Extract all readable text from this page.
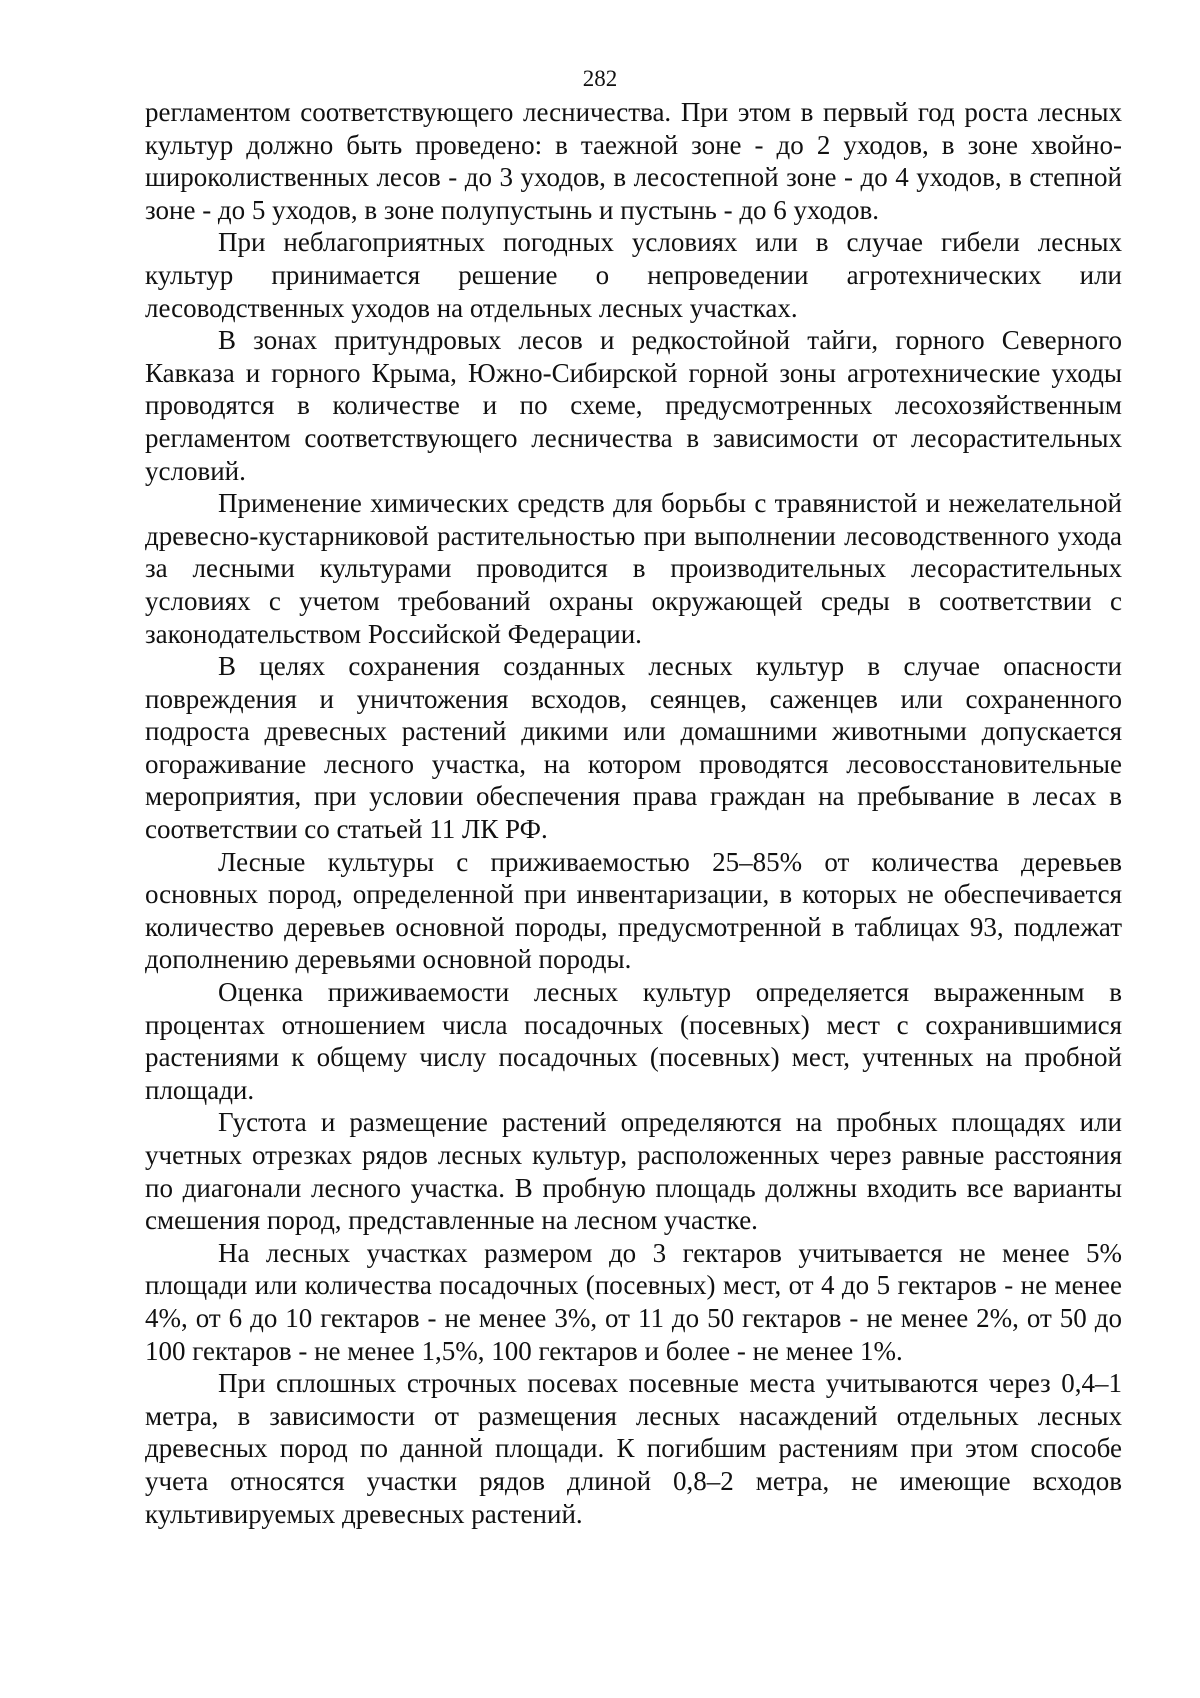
282

регламентом соответствующего лесничества. При этом в первый год роста лесных культур должно быть проведено: в таежной зоне - до 2 уходов, в зоне хвойно-широколиственных лесов - до 3 уходов, в лесостепной зоне - до 4 уходов, в степной зоне - до 5 уходов, в зоне полупустынь и пустынь - до 6 уходов.

При неблагоприятных погодных условиях или в случае гибели лесных культур принимается решение о непроведении агротехнических или лесоводственных уходов на отдельных лесных участках.

В зонах притундровых лесов и редкостойной тайги, горного Северного Кавказа и горного Крыма, Южно-Сибирской горной зоны агротехнические уходы проводятся в количестве и по схеме, предусмотренных лесохозяйственным регламентом соответствующего лесничества в зависимости от лесорастительных условий.

Применение химических средств для борьбы с травянистой и нежелательной древесно-кустарниковой растительностью при выполнении лесоводственного ухода за лесными культурами проводится в производительных лесорастительных условиях с учетом требований охраны окружающей среды в соответствии с законодательством Российской Федерации.

В целях сохранения созданных лесных культур в случае опасности повреждения и уничтожения всходов, сеянцев, саженцев или сохраненного подроста древесных растений дикими или домашними животными допускается огораживание лесного участка, на котором проводятся лесовосстановительные мероприятия, при условии обеспечения права граждан на пребывание в лесах в соответствии со статьей 11 ЛК РФ.

Лесные культуры с приживаемостью 25–85% от количества деревьев основных пород, определенной при инвентаризации, в которых не обеспечивается количество деревьев основной породы, предусмотренной в таблицах 93, подлежат дополнению деревьями основной породы.

Оценка приживаемости лесных культур определяется выраженным в процентах отношением числа посадочных (посевных) мест с сохранившимися растениями к общему числу посадочных (посевных) мест, учтенных на пробной площади.

Густота и размещение растений определяются на пробных площадях или учетных отрезках рядов лесных культур, расположенных через равные расстояния по диагонали лесного участка. В пробную площадь должны входить все варианты смешения пород, представленные на лесном участке.

На лесных участках размером до 3 гектаров учитывается не менее 5% площади или количества посадочных (посевных) мест, от 4 до 5 гектаров - не менее 4%, от 6 до 10 гектаров - не менее 3%, от 11 до 50 гектаров - не менее 2%, от 50 до 100 гектаров - не менее 1,5%, 100 гектаров и более - не менее 1%.

При сплошных строчных посевах посевные места учитываются через 0,4–1 метра, в зависимости от размещения лесных насаждений отдельных лесных древесных пород по данной площади. К погибшим растениям при этом способе учета относятся участки рядов длиной 0,8–2 метра, не имеющие всходов культивируемых древесных растений.
